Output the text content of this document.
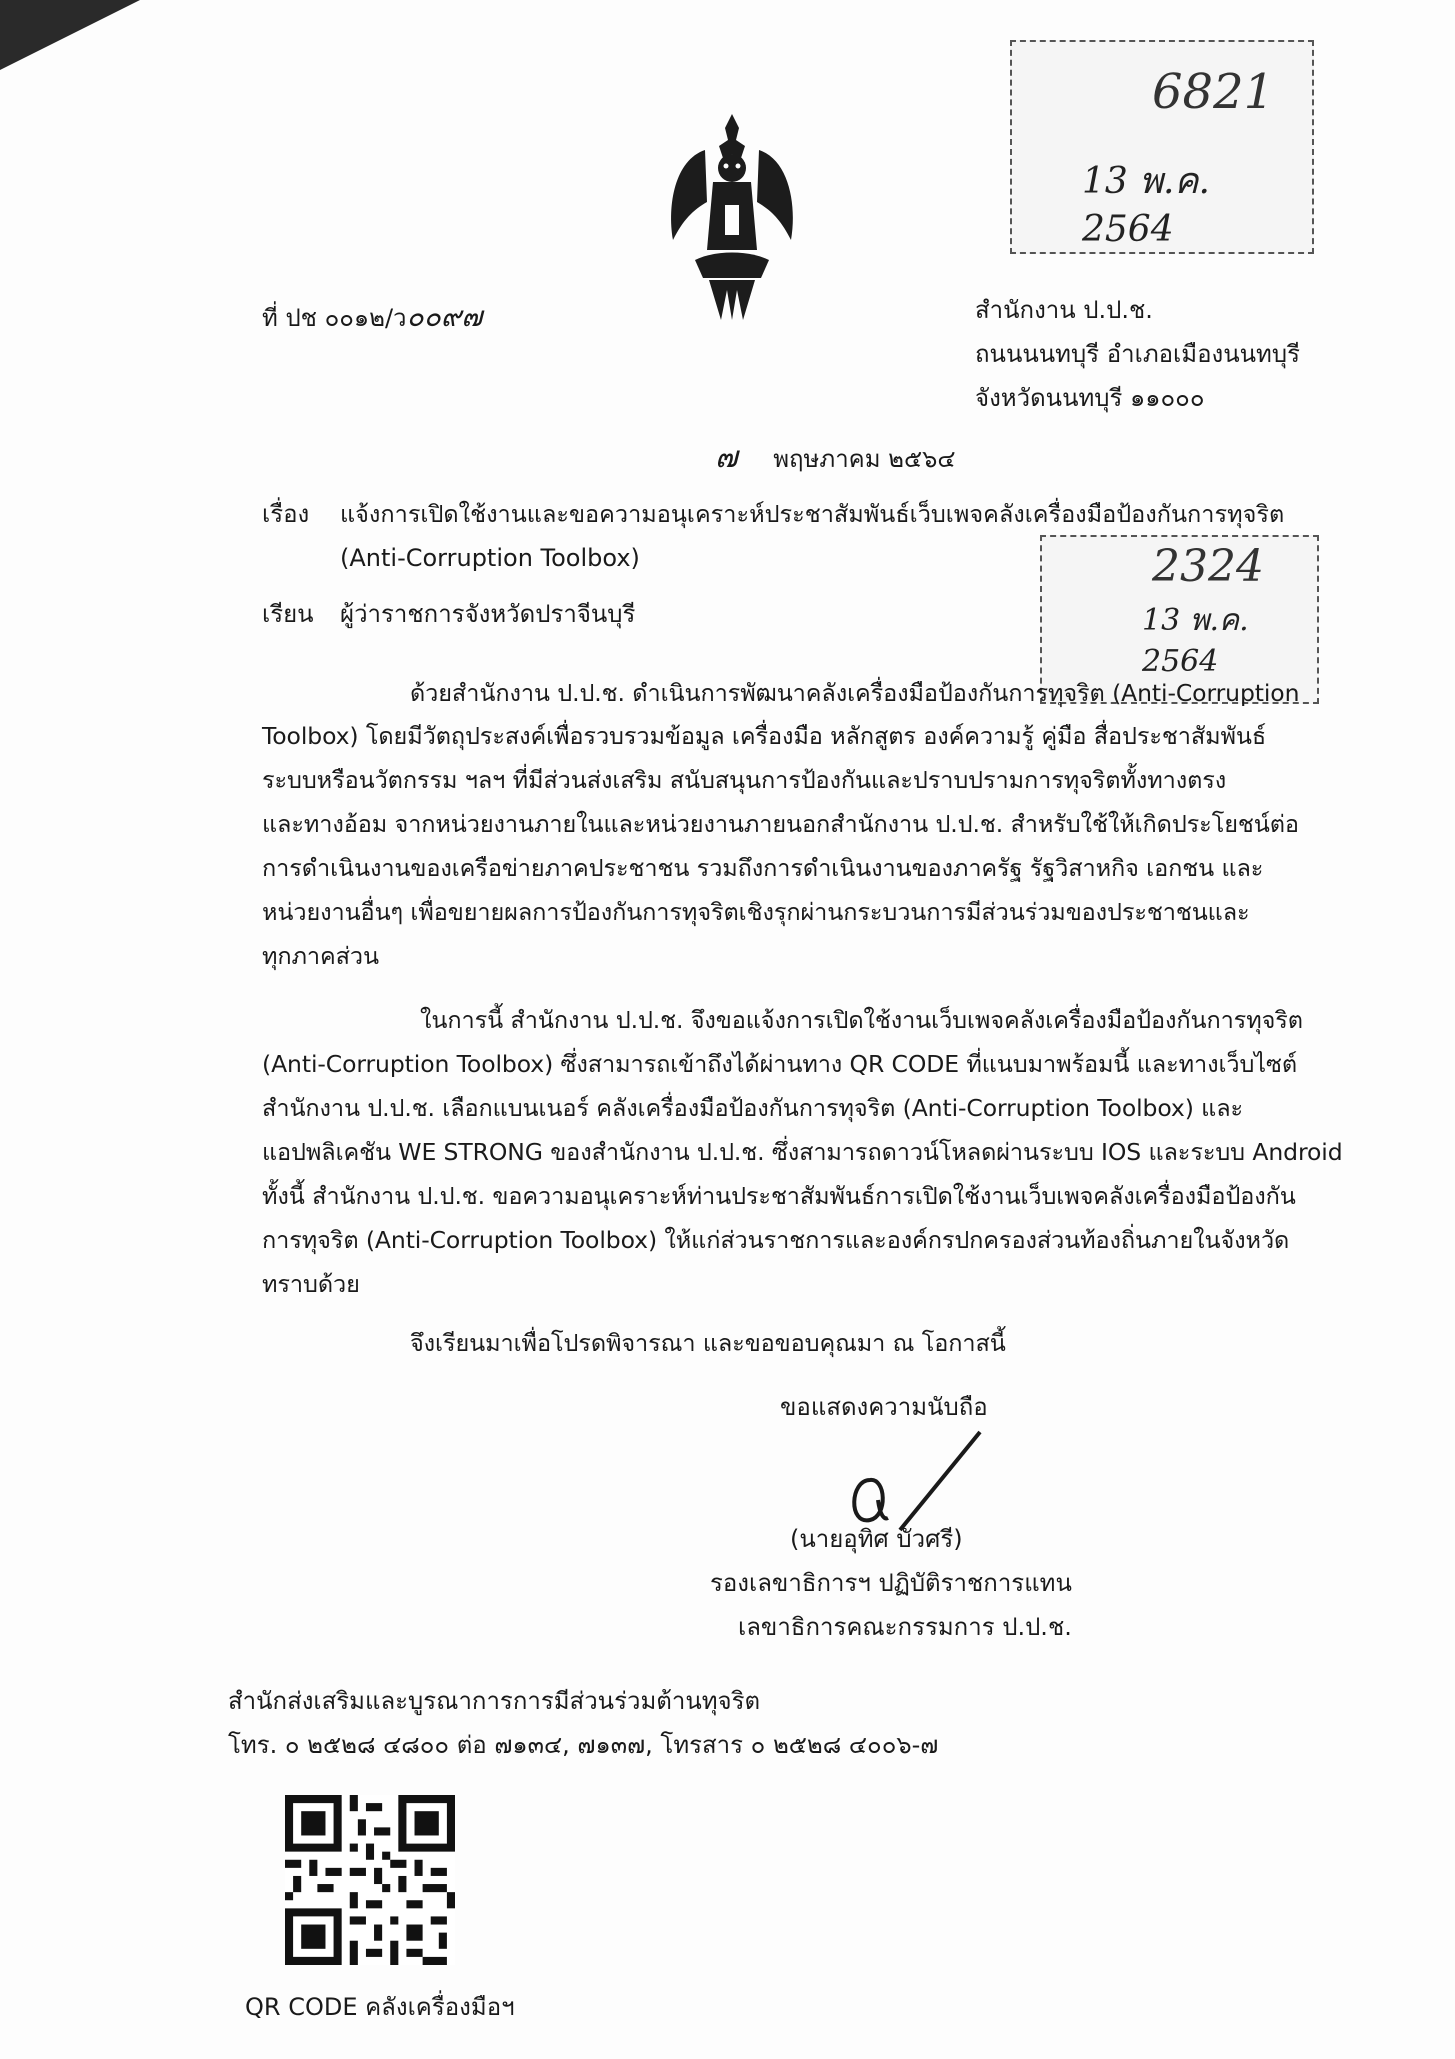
6821
13 พ.ค. 2564
ที่ ปช ๐๐๑๒/ว๐๐๙๗	สำนักงาน ป.ป.ช.
ถนนนนทบุรี อำเภอเมืองนนทบุรี
จังหวัดนนทบุรี ๑๑๐๐๐
๗ พฤษภาคม ๒๕๖๔
เรื่อง แจ้งการเปิดใช้งานและขอความอนุเคราะห์ประชาสัมพันธ์เว็บเพจคลังเครื่องมือป้องกันการทุจริต
(Anti-Corruption Toolbox)	2324
13 พ.ค. 2564
เรียน ผู้ว่าราชการจังหวัดปราจีนบุรี
ด้วยสำนักงาน ป.ป.ช. ดำเนินการพัฒนาคลังเครื่องมือป้องกันการทุจริต (Anti-Corruption
Toolbox) โดยมีวัตถุประสงค์เพื่อรวบรวมข้อมูล เครื่องมือ หลักสูตร องค์ความรู้ คู่มือ สื่อประชาสัมพันธ์
ระบบหรือนวัตกรรม ฯลฯ ที่มีส่วนส่งเสริม สนับสนุนการป้องกันและปราบปรามการทุจริตทั้งทางตรง
และทางอ้อม จากหน่วยงานภายในและหน่วยงานภายนอกสำนักงาน ป.ป.ช. สำหรับใช้ให้เกิดประโยชน์ต่อ
การดำเนินงานของเครือข่ายภาคประชาชน รวมถึงการดำเนินงานของภาครัฐ รัฐวิสาหกิจ เอกชน และ
หน่วยงานอื่นๆ เพื่อขยายผลการป้องกันการทุจริตเชิงรุกผ่านกระบวนการมีส่วนร่วมของประชาชนและ
ทุกภาคส่วน
ในการนี้ สำนักงาน ป.ป.ช. จึงขอแจ้งการเปิดใช้งานเว็บเพจคลังเครื่องมือป้องกันการทุจริต
(Anti-Corruption Toolbox) ซึ่งสามารถเข้าถึงได้ผ่านทาง QR CODE ที่แนบมาพร้อมนี้ และทางเว็บไซต์
สำนักงาน ป.ป.ช. เลือกแบนเนอร์ คลังเครื่องมือป้องกันการทุจริต (Anti-Corruption Toolbox) และ
แอปพลิเคชัน WE STRONG ของสำนักงาน ป.ป.ช. ซึ่งสามารถดาวน์โหลดผ่านระบบ IOS และระบบ Android
ทั้งนี้ สำนักงาน ป.ป.ช. ขอความอนุเคราะห์ท่านประชาสัมพันธ์การเปิดใช้งานเว็บเพจคลังเครื่องมือป้องกัน
การทุจริต (Anti-Corruption Toolbox) ให้แก่ส่วนราชการและองค์กรปกครองส่วนท้องถิ่นภายในจังหวัด
ทราบด้วย
จึงเรียนมาเพื่อโปรดพิจารณา และขอขอบคุณมา ณ โอกาสนี้
ขอแสดงความนับถือ
(นายอุทิศ บัวศรี)
รองเลขาธิการฯ ปฏิบัติราชการแทน
เลขาธิการคณะกรรมการ ป.ป.ช.
สำนักส่งเสริมและบูรณาการการมีส่วนร่วมต้านทุจริต
โทร. ๐ ๒๕๒๘ ๔๘๐๐ ต่อ ๗๑๓๔, ๗๑๓๗, โทรสาร ๐ ๒๕๒๘ ๔๐๐๖-๗
QR CODE คลังเครื่องมือฯ
